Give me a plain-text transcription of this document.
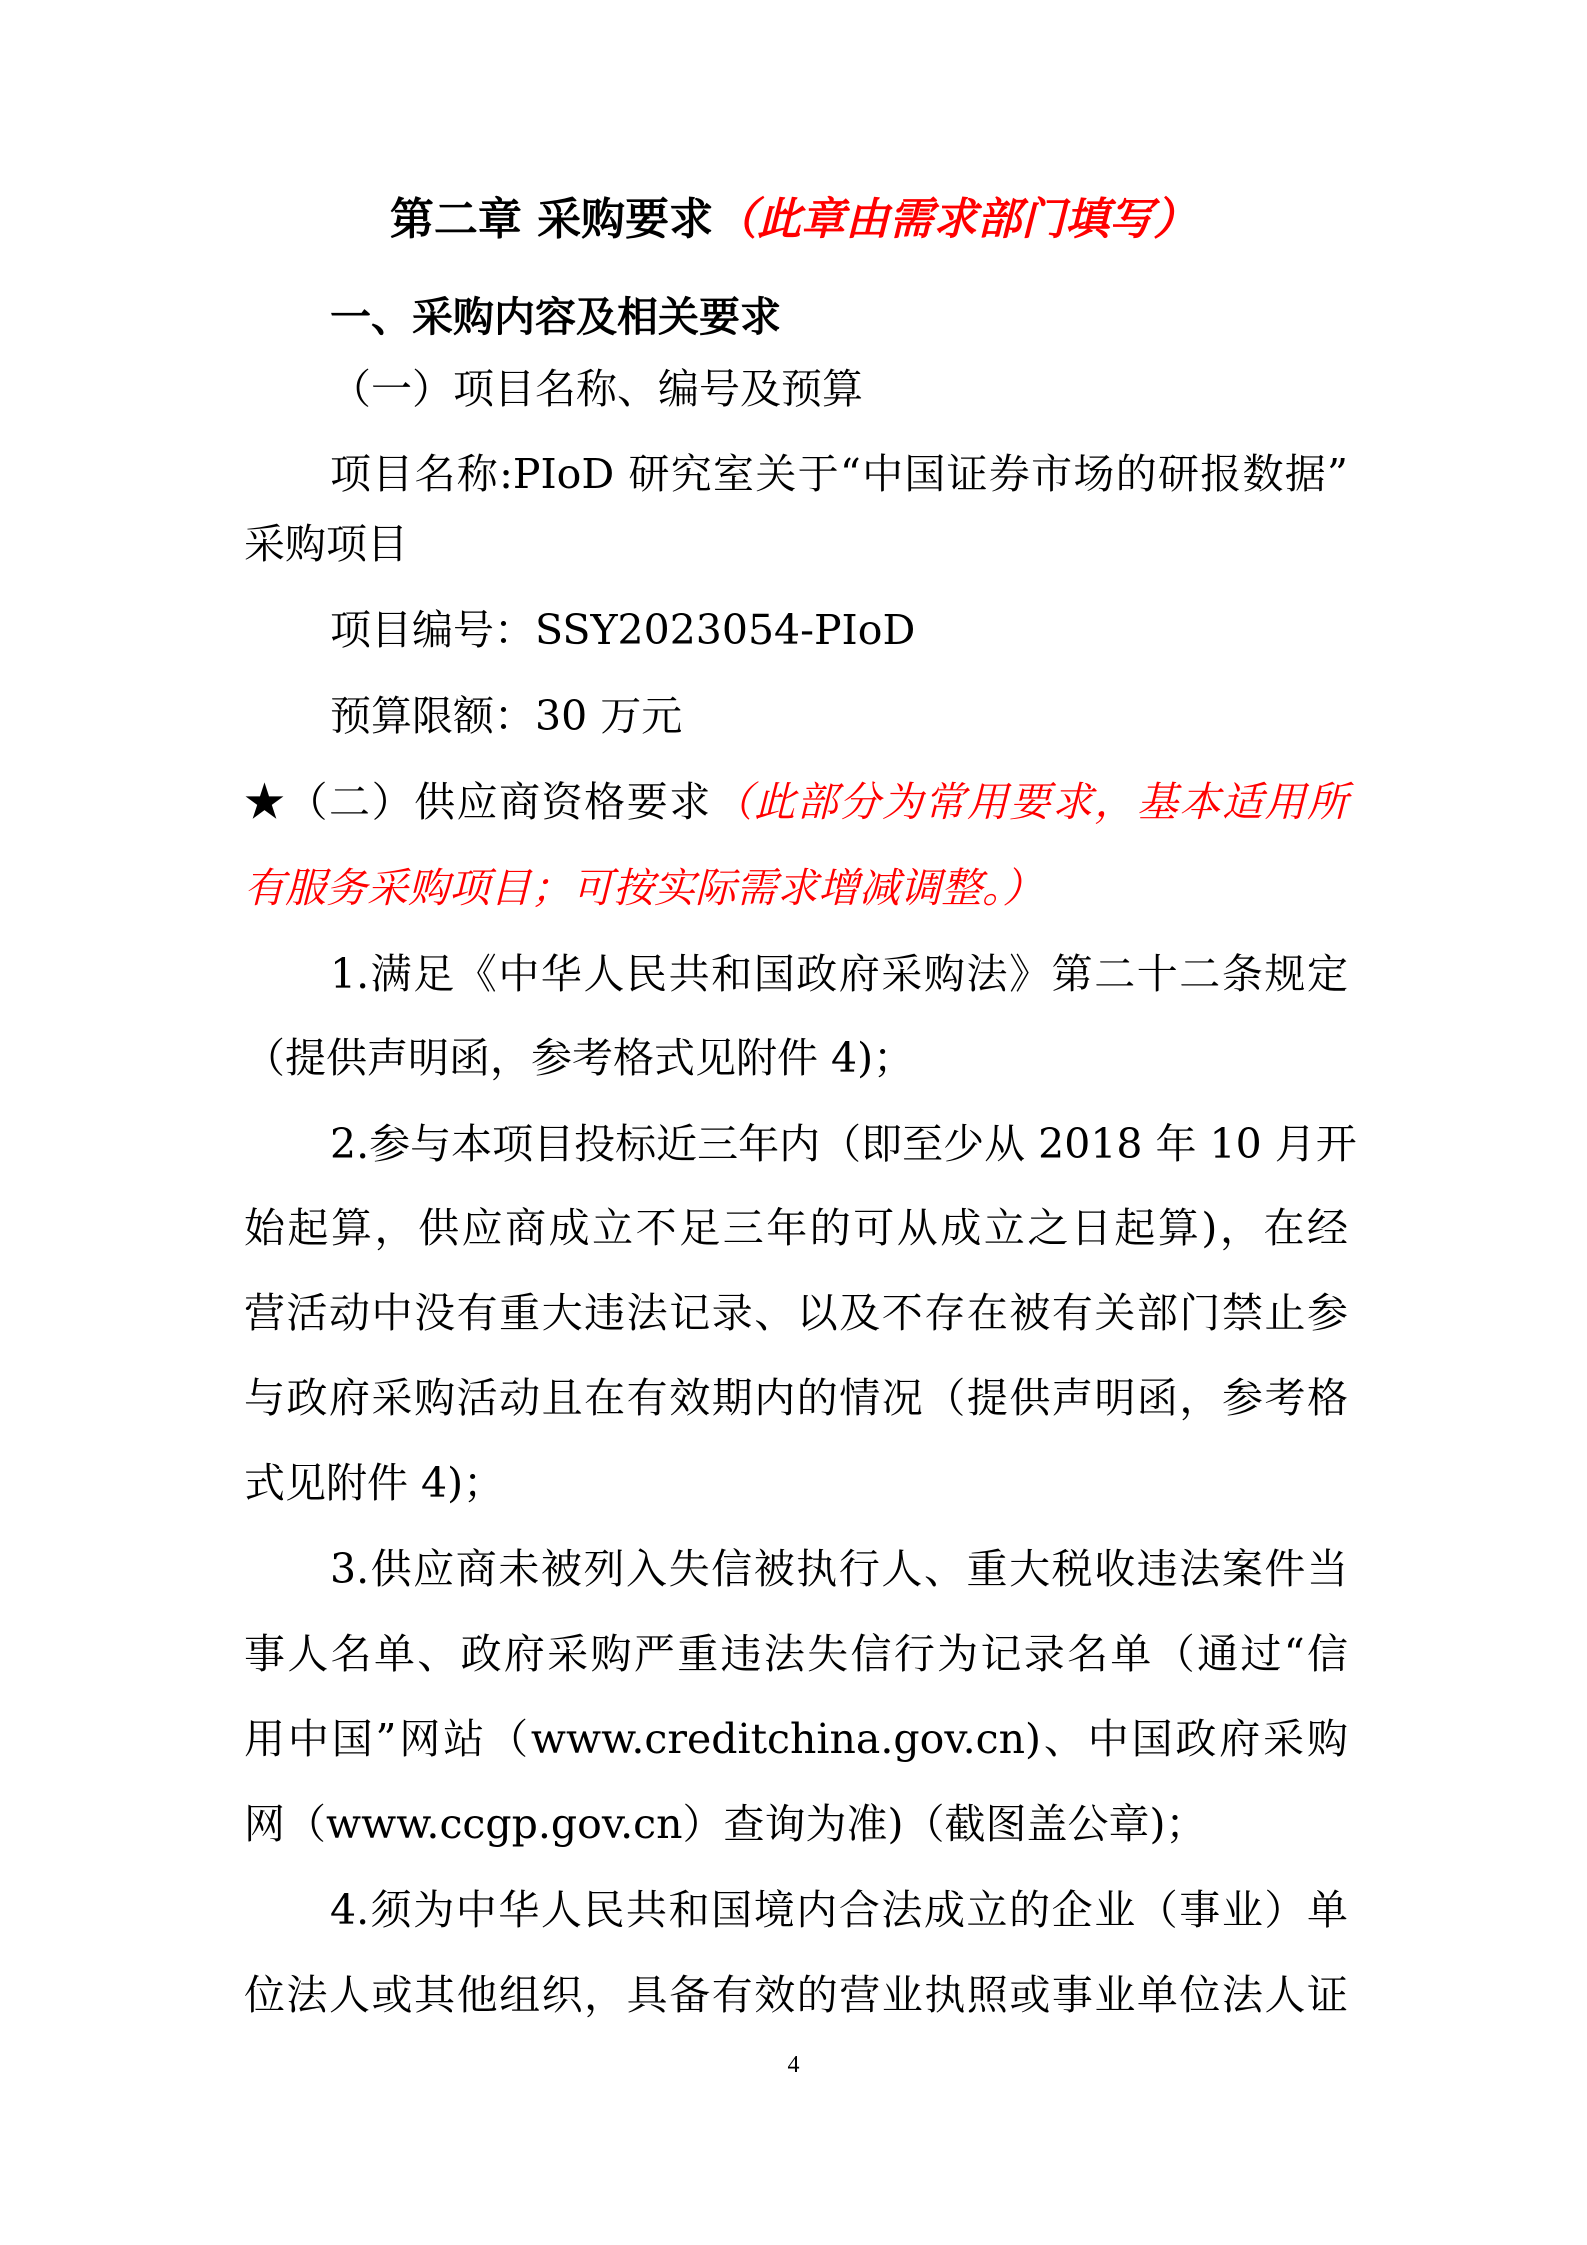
第二章 采购要求（此章由需求部门填写）
一、采购内容及相关要求
（一）项目名称、编号及预算
项目名称:PIoD 研究室关于“中国证券市场的研报数据”
采购项目
项目编号：SSY2023054-PIoD
预算限额：30 万元
★（二）供应商资格要求（此部分为常用要求，基本适用所
有服务采购项目；可按实际需求增减调整。）
1.满足《中华人民共和国政府采购法》第二十二条规定
（提供声明函，参考格式见附件 4)；
2.参与本项目投标近三年内（即至少从 2018 年 10 月开
始起算，供应商成立不足三年的可从成立之日起算)，在经
营活动中没有重大违法记录、以及不存在被有关部门禁止参
与政府采购活动且在有效期内的情况（提供声明函，参考格
式见附件 4)；
3.供应商未被列入失信被执行人、重大税收违法案件当
事人名单、政府采购严重违法失信行为记录名单（通过“信
用中国”网站（www.creditchina.gov.cn)、中国政府采购
网（www.ccgp.gov.cn）查询为准)（截图盖公章)；
4.须为中华人民共和国境内合法成立的企业（事业）单
位法人或其他组织，具备有效的营业执照或事业单位法人证
4
